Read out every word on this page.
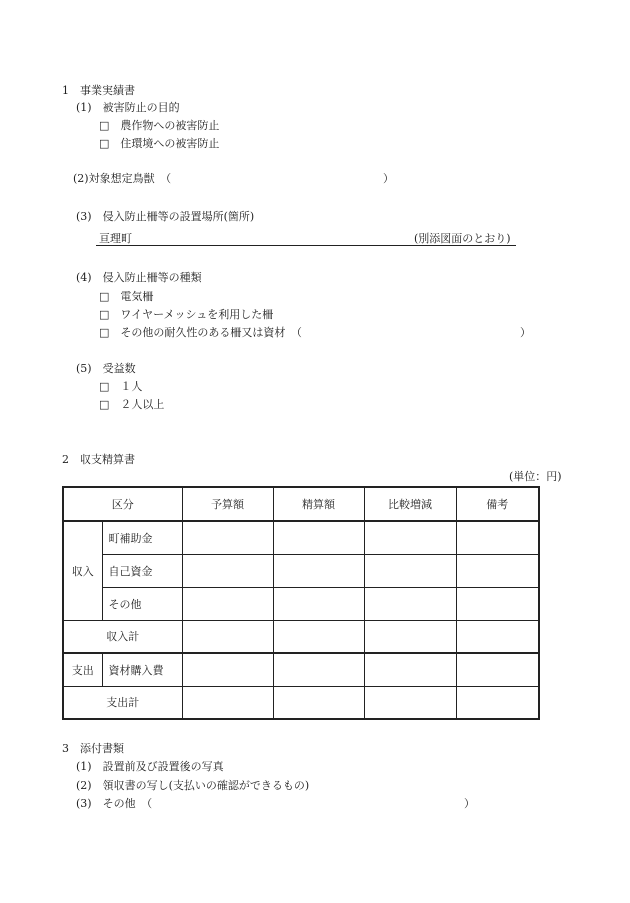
1　事業実績書
(1)　被害防止の目的
□　農作物への被害防止
□　住環境への被害防止
(2)対象想定鳥獣　（	）
(3)　侵入防止柵等の設置場所(箇所)
亘理町	(別添図面のとおり)
(4)　侵入防止柵等の種類
□　電気柵
□　ワイヤーメッシュを利用した柵
□　その他の耐久性のある柵又は資材　（	）
(5)　受益数
□　１人
□　２人以上
2　収支精算書
(単位：円)
区分		予算額	精算額	比較増減	備考
収入	町補助金				
	自己資金				
	その他				
収入計					
支出	資材購入費				
支出計					
3　添付書類
(1)　設置前及び設置後の写真
(2)　領収書の写し(支払いの確認ができるもの)
(3)　その他　（	）
